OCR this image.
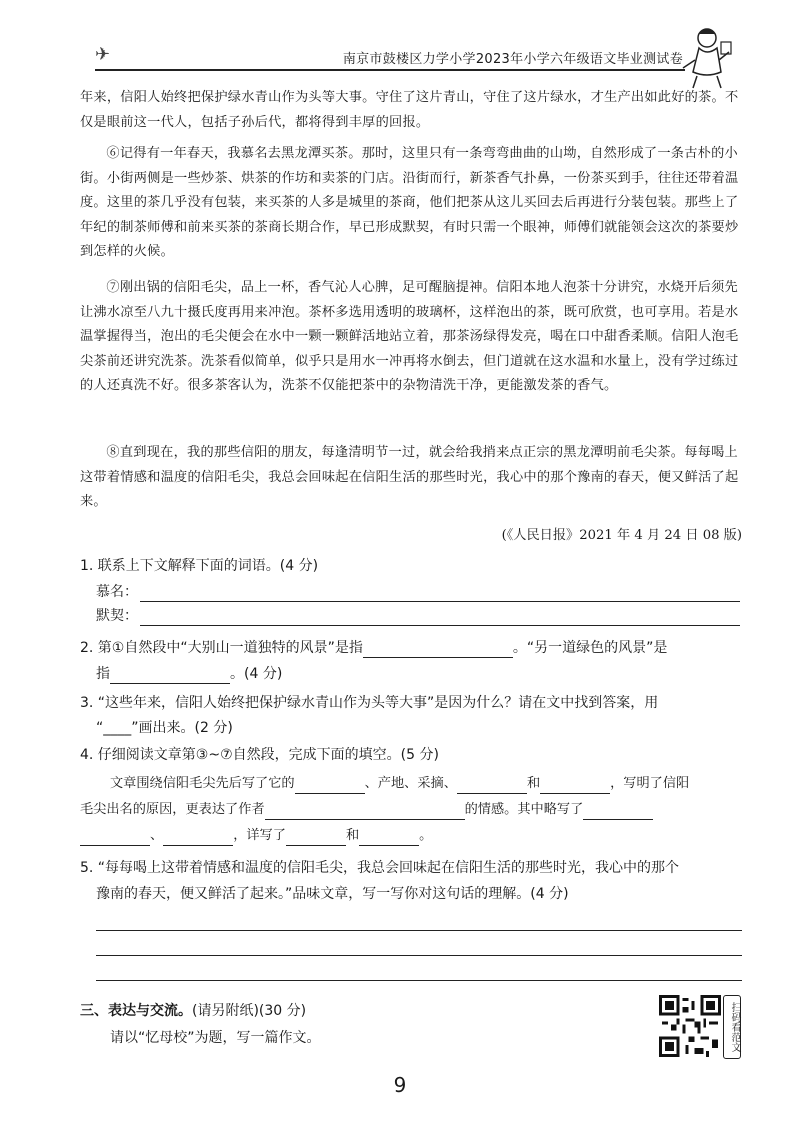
✈	南京市鼓楼区力学小学2023年小学六年级语文毕业测试卷
年来，信阳人始终把保护绿水青山作为头等大事。守住了这片青山，守住了这片绿水，才生产出如此好的茶。不仅是眼前这一代人，包括子孙后代，都将得到丰厚的回报。
⑥记得有一年春天，我慕名去黑龙潭买茶。那时，这里只有一条弯弯曲曲的山坳，自然形成了一条古朴的小街。小街两侧是一些炒茶、烘茶的作坊和卖茶的门店。沿街而行，新茶香气扑鼻，一份茶买到手，往往还带着温度。这里的茶几乎没有包装，来买茶的人多是城里的茶商，他们把茶从这儿买回去后再进行分装包装。那些上了年纪的制茶师傅和前来买茶的茶商长期合作，早已形成默契，有时只需一个眼神，师傅们就能领会这次的茶要炒到怎样的火候。
⑦刚出锅的信阳毛尖，品上一杯，香气沁人心脾，足可醒脑提神。信阳本地人泡茶十分讲究，水烧开后须先让沸水凉至八九十摄氏度再用来冲泡。茶杯多选用透明的玻璃杯，这样泡出的茶，既可欣赏，也可享用。若是水温掌握得当，泡出的毛尖便会在水中一颗一颗鲜活地站立着，那茶汤绿得发亮，喝在口中甜香柔顺。信阳人泡毛尖茶前还讲究洗茶。洗茶看似简单，似乎只是用水一冲再将水倒去，但门道就在这水温和水量上，没有学过练过的人还真洗不好。很多茶客认为，洗茶不仅能把茶中的杂物清洗干净，更能激发茶的香气。
⑧直到现在，我的那些信阳的朋友，每逢清明节一过，就会给我捎来点正宗的黑龙潭明前毛尖茶。每每喝上这带着情感和温度的信阳毛尖，我总会回味起在信阳生活的那些时光，我心中的那个豫南的春天，便又鲜活了起来。
(《人民日报》2021 年 4 月 24 日 08 版)
1. 联系上下文解释下面的词语。(4 分)
慕名：
默契：
2. 第①自然段中“大别山一道独特的风景”是指	。“另一道绿色的风景”是
指	。(4 分)
3. “这些年来，信阳人始终把保护绿水青山作为头等大事”是因为什么？请在文中找到答案，用
“____”画出来。(2 分)
4. 仔细阅读文章第③~⑦自然段，完成下面的填空。(5 分)
文章围绕信阳毛尖先后写了它的	、产地、采摘、	和	，写明了信阳
毛尖出名的原因，更表达了作者	的情感。其中略写了
、	，详写了	和	。
5. “每每喝上这带着情感和温度的信阳毛尖，我总会回味起在信阳生活的那些时光，我心中的那个
豫南的春天，便又鲜活了起来。”品味文章，写一写你对这句话的理解。(4 分)
三、表达与交流。(请另附纸)(30 分)
请以“忆母校”为题，写一篇作文。	扫码看范文
9
